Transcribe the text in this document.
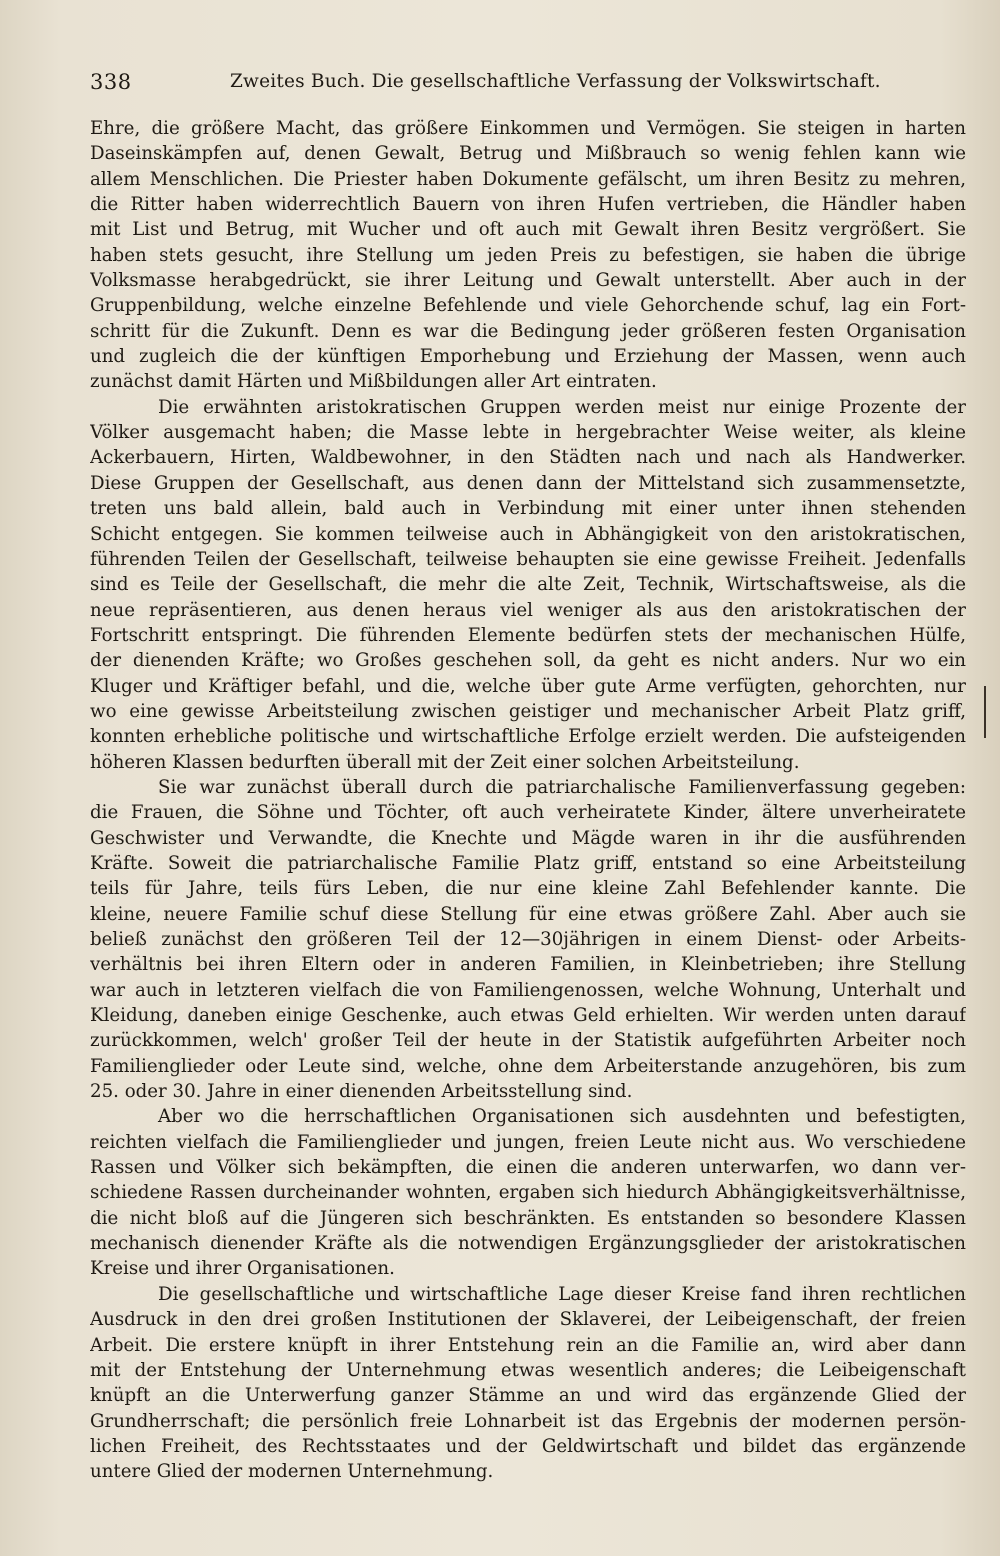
338	Zweites Buch. Die gesellschaftliche Verfassung der Volkswirtschaft.
Ehre, die größere Macht, das größere Einkommen und Vermögen. Sie steigen in harten
Daseinskämpfen auf, denen Gewalt, Betrug und Mißbrauch so wenig fehlen kann wie
allem Menschlichen. Die Priester haben Dokumente gefälscht, um ihren Besitz zu mehren,
die Ritter haben widerrechtlich Bauern von ihren Hufen vertrieben, die Händler haben
mit List und Betrug, mit Wucher und oft auch mit Gewalt ihren Besitz vergrößert. Sie
haben stets gesucht, ihre Stellung um jeden Preis zu befestigen, sie haben die übrige
Volksmasse herabgedrückt, sie ihrer Leitung und Gewalt unterstellt. Aber auch in der
Gruppenbildung, welche einzelne Befehlende und viele Gehorchende schuf, lag ein Fort-
schritt für die Zukunft. Denn es war die Bedingung jeder größeren festen Organisation
und zugleich die der künftigen Emporhebung und Erziehung der Massen, wenn auch
zunächst damit Härten und Mißbildungen aller Art eintraten.
Die erwähnten aristokratischen Gruppen werden meist nur einige Prozente der
Völker ausgemacht haben; die Masse lebte in hergebrachter Weise weiter, als kleine
Ackerbauern, Hirten, Waldbewohner, in den Städten nach und nach als Handwerker.
Diese Gruppen der Gesellschaft, aus denen dann der Mittelstand sich zusammensetzte,
treten uns bald allein, bald auch in Verbindung mit einer unter ihnen stehenden
Schicht entgegen. Sie kommen teilweise auch in Abhängigkeit von den aristokratischen,
führenden Teilen der Gesellschaft, teilweise behaupten sie eine gewisse Freiheit. Jedenfalls
sind es Teile der Gesellschaft, die mehr die alte Zeit, Technik, Wirtschaftsweise, als die
neue repräsentieren, aus denen heraus viel weniger als aus den aristokratischen der
Fortschritt entspringt. Die führenden Elemente bedürfen stets der mechanischen Hülfe,
der dienenden Kräfte; wo Großes geschehen soll, da geht es nicht anders. Nur wo ein
Kluger und Kräftiger befahl, und die, welche über gute Arme verfügten, gehorchten, nur
wo eine gewisse Arbeitsteilung zwischen geistiger und mechanischer Arbeit Platz griff,
konnten erhebliche politische und wirtschaftliche Erfolge erzielt werden. Die aufsteigenden
höheren Klassen bedurften überall mit der Zeit einer solchen Arbeitsteilung.
Sie war zunächst überall durch die patriarchalische Familienverfassung gegeben:
die Frauen, die Söhne und Töchter, oft auch verheiratete Kinder, ältere unverheiratete
Geschwister und Verwandte, die Knechte und Mägde waren in ihr die ausführenden
Kräfte. Soweit die patriarchalische Familie Platz griff, entstand so eine Arbeitsteilung
teils für Jahre, teils fürs Leben, die nur eine kleine Zahl Befehlender kannte. Die
kleine, neuere Familie schuf diese Stellung für eine etwas größere Zahl. Aber auch sie
beließ zunächst den größeren Teil der 12—30jährigen in einem Dienst- oder Arbeits-
verhältnis bei ihren Eltern oder in anderen Familien, in Kleinbetrieben; ihre Stellung
war auch in letzteren vielfach die von Familiengenossen, welche Wohnung, Unterhalt und
Kleidung, daneben einige Geschenke, auch etwas Geld erhielten. Wir werden unten darauf
zurückkommen, welch' großer Teil der heute in der Statistik aufgeführten Arbeiter noch
Familienglieder oder Leute sind, welche, ohne dem Arbeiterstande anzugehören, bis zum
25. oder 30. Jahre in einer dienenden Arbeitsstellung sind.
Aber wo die herrschaftlichen Organisationen sich ausdehnten und befestigten,
reichten vielfach die Familienglieder und jungen, freien Leute nicht aus. Wo verschiedene
Rassen und Völker sich bekämpften, die einen die anderen unterwarfen, wo dann ver-
schiedene Rassen durcheinander wohnten, ergaben sich hiedurch Abhängigkeitsverhältnisse,
die nicht bloß auf die Jüngeren sich beschränkten. Es entstanden so besondere Klassen
mechanisch dienender Kräfte als die notwendigen Ergänzungsglieder der aristokratischen
Kreise und ihrer Organisationen.
Die gesellschaftliche und wirtschaftliche Lage dieser Kreise fand ihren rechtlichen
Ausdruck in den drei großen Institutionen der Sklaverei, der Leibeigenschaft, der freien
Arbeit. Die erstere knüpft in ihrer Entstehung rein an die Familie an, wird aber dann
mit der Entstehung der Unternehmung etwas wesentlich anderes; die Leibeigenschaft
knüpft an die Unterwerfung ganzer Stämme an und wird das ergänzende Glied der
Grundherrschaft; die persönlich freie Lohnarbeit ist das Ergebnis der modernen persön-
lichen Freiheit, des Rechtsstaates und der Geldwirtschaft und bildet das ergänzende
untere Glied der modernen Unternehmung.
